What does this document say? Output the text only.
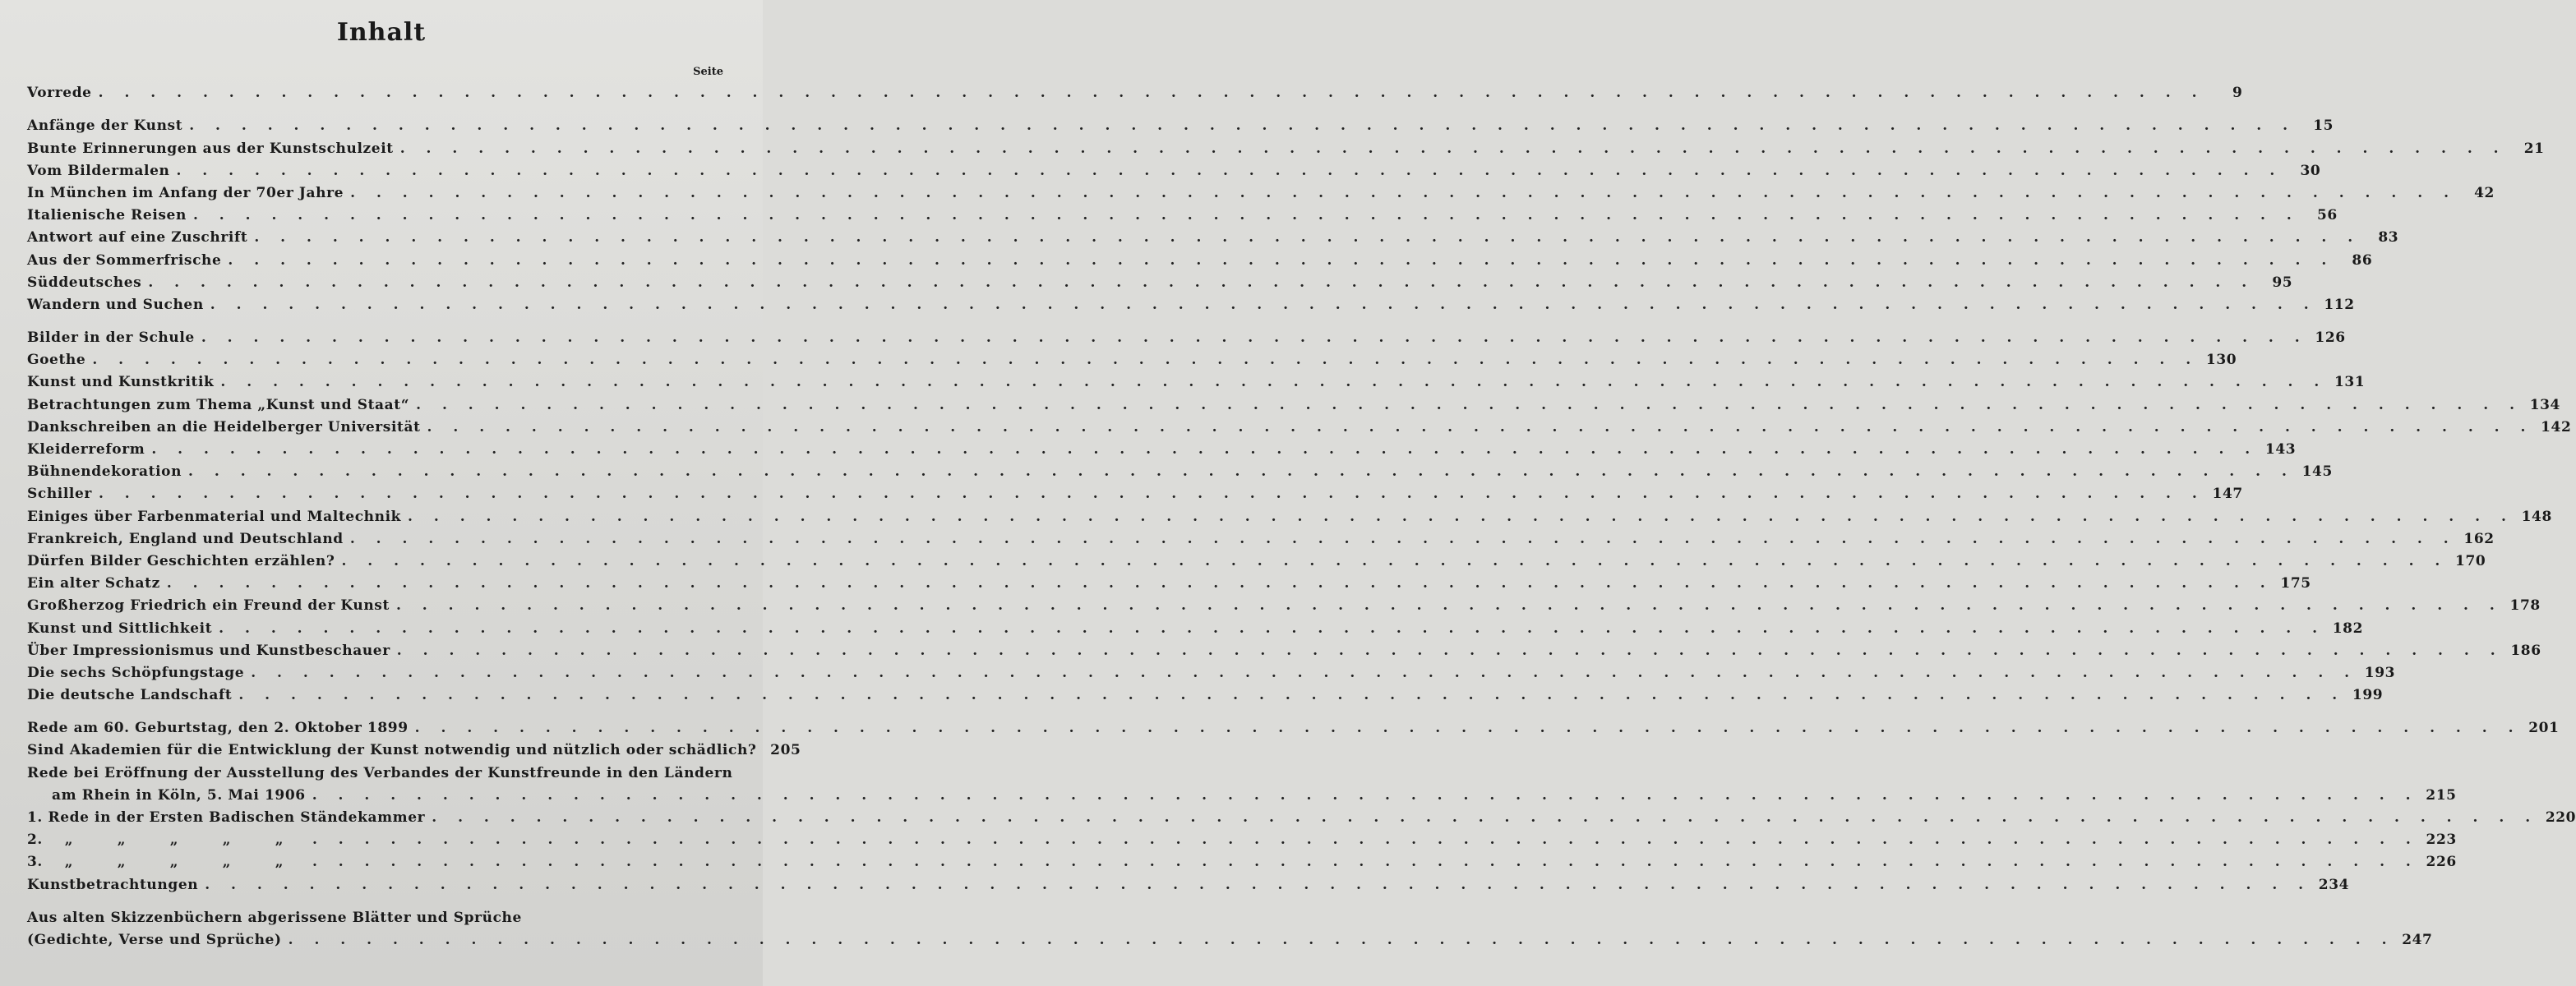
Inhalt
Seite
Vorrede . . . . . . . . . . . . . . . . . . . . . . . . . . . . . . . . . . . . . . . . . . . . . . . . . . . . . . . . . . . . . . . . . . . . . . . . . . . . . . . . .	9
Anfänge der Kunst . . . . . . . . . . . . . . . . . . . . . . . . . . . . . . . . . . . . . . . . . . . . . . . . . . . . . . . . . . . . . . . . . . . . . . . . . . . . . . . . .	15
Bunte Erinnerungen aus der Kunstschulzeit . . . . . . . . . . . . . . . . . . . . . . . . . . . . . . . . . . . . . . . . . . . . . . . . . . . . . . . . . . . . . . . . . . . . . . . . . . . . . . . . .	21
Vom Bildermalen . . . . . . . . . . . . . . . . . . . . . . . . . . . . . . . . . . . . . . . . . . . . . . . . . . . . . . . . . . . . . . . . . . . . . . . . . . . . . . . . .	30
In München im Anfang der 70er Jahre . . . . . . . . . . . . . . . . . . . . . . . . . . . . . . . . . . . . . . . . . . . . . . . . . . . . . . . . . . . . . . . . . . . . . . . . . . . . . . . . .	42
Italienische Reisen . . . . . . . . . . . . . . . . . . . . . . . . . . . . . . . . . . . . . . . . . . . . . . . . . . . . . . . . . . . . . . . . . . . . . . . . . . . . . . . . .	56
Antwort auf eine Zuschrift . . . . . . . . . . . . . . . . . . . . . . . . . . . . . . . . . . . . . . . . . . . . . . . . . . . . . . . . . . . . . . . . . . . . . . . . . . . . . . . . .	83
Aus der Sommerfrische . . . . . . . . . . . . . . . . . . . . . . . . . . . . . . . . . . . . . . . . . . . . . . . . . . . . . . . . . . . . . . . . . . . . . . . . . . . . . . . . .	86
Süddeutsches . . . . . . . . . . . . . . . . . . . . . . . . . . . . . . . . . . . . . . . . . . . . . . . . . . . . . . . . . . . . . . . . . . . . . . . . . . . . . . . . .	95
Wandern und Suchen . . . . . . . . . . . . . . . . . . . . . . . . . . . . . . . . . . . . . . . . . . . . . . . . . . . . . . . . . . . . . . . . . . . . . . . . . . . . . . . . . 112
Bilder in der Schule . . . . . . . . . . . . . . . . . . . . . . . . . . . . . . . . . . . . . . . . . . . . . . . . . . . . . . . . . . . . . . . . . . . . . . . . . . . . . . . . . 126
Goethe . . . . . . . . . . . . . . . . . . . . . . . . . . . . . . . . . . . . . . . . . . . . . . . . . . . . . . . . . . . . . . . . . . . . . . . . . . . . . . . . . 130
Kunst und Kunstkritik . . . . . . . . . . . . . . . . . . . . . . . . . . . . . . . . . . . . . . . . . . . . . . . . . . . . . . . . . . . . . . . . . . . . . . . . . . . . . . . . . 131
Betrachtungen zum Thema „Kunst und Staat“ . . . . . . . . . . . . . . . . . . . . . . . . . . . . . . . . . . . . . . . . . . . . . . . . . . . . . . . . . . . . . . . . . . . . . . . . . . . . . . . . . 134
Dankschreiben an die Heidelberger Universität . . . . . . . . . . . . . . . . . . . . . . . . . . . . . . . . . . . . . . . . . . . . . . . . . . . . . . . . . . . . . . . . . . . . . . . . . . . . . . . . . 142
Kleiderreform . . . . . . . . . . . . . . . . . . . . . . . . . . . . . . . . . . . . . . . . . . . . . . . . . . . . . . . . . . . . . . . . . . . . . . . . . . . . . . . . . 143
Bühnendekoration . . . . . . . . . . . . . . . . . . . . . . . . . . . . . . . . . . . . . . . . . . . . . . . . . . . . . . . . . . . . . . . . . . . . . . . . . . . . . . . . . 145
Schiller . . . . . . . . . . . . . . . . . . . . . . . . . . . . . . . . . . . . . . . . . . . . . . . . . . . . . . . . . . . . . . . . . . . . . . . . . . . . . . . . . 147
Einiges über Farbenmaterial und Maltechnik . . . . . . . . . . . . . . . . . . . . . . . . . . . . . . . . . . . . . . . . . . . . . . . . . . . . . . . . . . . . . . . . . . . . . . . . . . . . . . . . . 148
Frankreich, England und Deutschland . . . . . . . . . . . . . . . . . . . . . . . . . . . . . . . . . . . . . . . . . . . . . . . . . . . . . . . . . . . . . . . . . . . . . . . . . . . . . . . . . 162
Dürfen Bilder Geschichten erzählen? . . . . . . . . . . . . . . . . . . . . . . . . . . . . . . . . . . . . . . . . . . . . . . . . . . . . . . . . . . . . . . . . . . . . . . . . . . . . . . . . . 170
Ein alter Schatz . . . . . . . . . . . . . . . . . . . . . . . . . . . . . . . . . . . . . . . . . . . . . . . . . . . . . . . . . . . . . . . . . . . . . . . . . . . . . . . . . 175
Großherzog Friedrich ein Freund der Kunst . . . . . . . . . . . . . . . . . . . . . . . . . . . . . . . . . . . . . . . . . . . . . . . . . . . . . . . . . . . . . . . . . . . . . . . . . . . . . . . . . 178
Kunst und Sittlichkeit . . . . . . . . . . . . . . . . . . . . . . . . . . . . . . . . . . . . . . . . . . . . . . . . . . . . . . . . . . . . . . . . . . . . . . . . . . . . . . . . . 182
Über Impressionismus und Kunstbeschauer . . . . . . . . . . . . . . . . . . . . . . . . . . . . . . . . . . . . . . . . . . . . . . . . . . . . . . . . . . . . . . . . . . . . . . . . . . . . . . . . . 186
Die sechs Schöpfungstage . . . . . . . . . . . . . . . . . . . . . . . . . . . . . . . . . . . . . . . . . . . . . . . . . . . . . . . . . . . . . . . . . . . . . . . . . . . . . . . . . 193
Die deutsche Landschaft . . . . . . . . . . . . . . . . . . . . . . . . . . . . . . . . . . . . . . . . . . . . . . . . . . . . . . . . . . . . . . . . . . . . . . . . . . . . . . . . . 199
Rede am 60. Geburtstag, den 2. Oktober 1899 . . . . . . . . . . . . . . . . . . . . . . . . . . . . . . . . . . . . . . . . . . . . . . . . . . . . . . . . . . . . . . . . . . . . . . . . . . . . . . . . . 201
Sind Akademien für die Entwicklung der Kunst notwendig und nützlich oder schädlich? 205
Rede bei Eröffnung der Ausstellung des Verbandes der Kunstfreunde in den Ländern
am Rhein in Köln, 5. Mai 1906 . . . . . . . . . . . . . . . . . . . . . . . . . . . . . . . . . . . . . . . . . . . . . . . . . . . . . . . . . . . . . . . . . . . . . . . . . . . . . . . . . 215
1. Rede in der Ersten Badischen Ständekammer . . . . . . . . . . . . . . . . . . . . . . . . . . . . . . . . . . . . . . . . . . . . . . . . . . . . . . . . . . . . . . . . . . . . . . . . . . . . . . . . . 220
2.	„	„	„	„	„	. . . . . . . . . . . . . . . . . . . . . . . . . . . . . . . . . . . . . . . . . . . . . . . . . . . . . . . . . . . . . . . . . . . . . . . . . . . . . . . . . 223
3.	„	„	„	„	„	. . . . . . . . . . . . . . . . . . . . . . . . . . . . . . . . . . . . . . . . . . . . . . . . . . . . . . . . . . . . . . . . . . . . . . . . . . . . . . . . . 226
Kunstbetrachtungen . . . . . . . . . . . . . . . . . . . . . . . . . . . . . . . . . . . . . . . . . . . . . . . . . . . . . . . . . . . . . . . . . . . . . . . . . . . . . . . . . 234
Aus alten Skizzenbüchern abgerissene Blätter und Sprüche
(Gedichte, Verse und Sprüche) . . . . . . . . . . . . . . . . . . . . . . . . . . . . . . . . . . . . . . . . . . . . . . . . . . . . . . . . . . . . . . . . . . . . . . . . . . . . . . . . . 247
